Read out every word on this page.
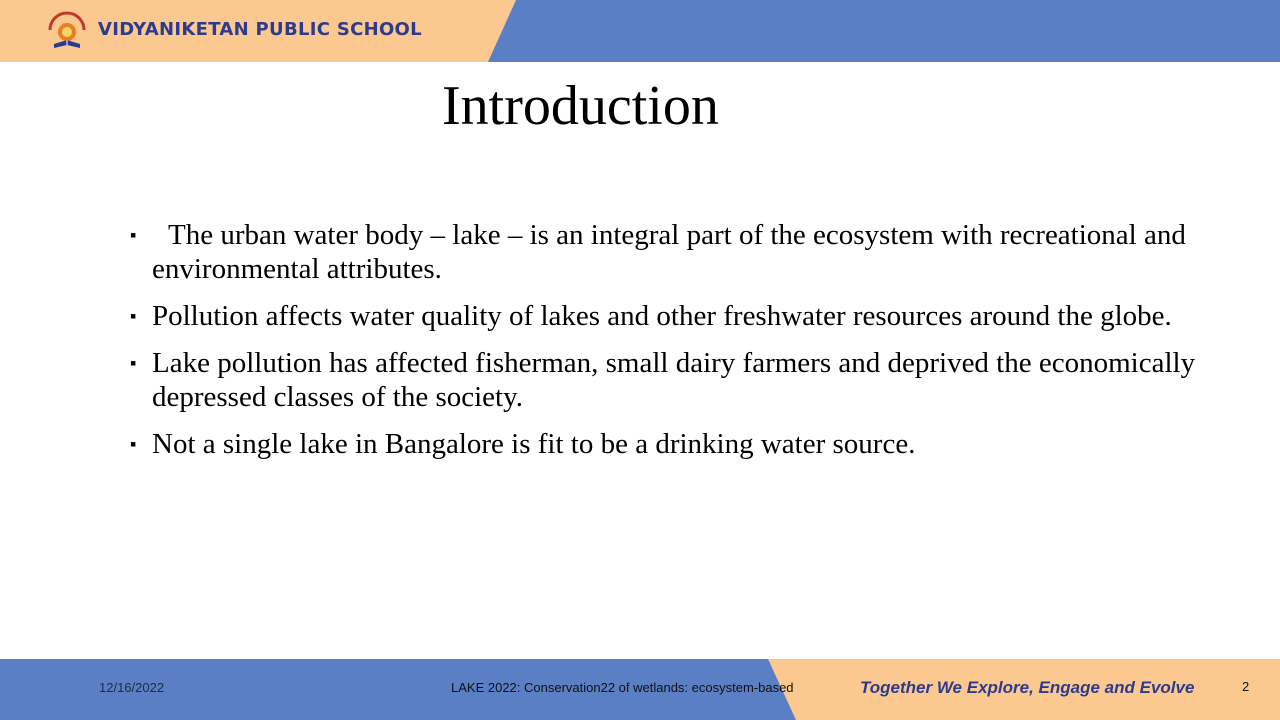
VIDYANIKETAN PUBLIC SCHOOL
Introduction
▪ The urban water body – lake – is an integral part of the ecosystem with recreational and environmental attributes.
▪ Pollution affects water quality of lakes and other freshwater resources around the globe.
▪ Lake pollution has affected fisherman, small dairy farmers and deprived the economically depressed classes of the society.
▪ Not a single lake in Bangalore is fit to be a drinking water source.
12/16/2022	LAKE 2022: Conservation22 of wetlands: ecosystem-based	Together We Explore, Engage and Evolve	2
